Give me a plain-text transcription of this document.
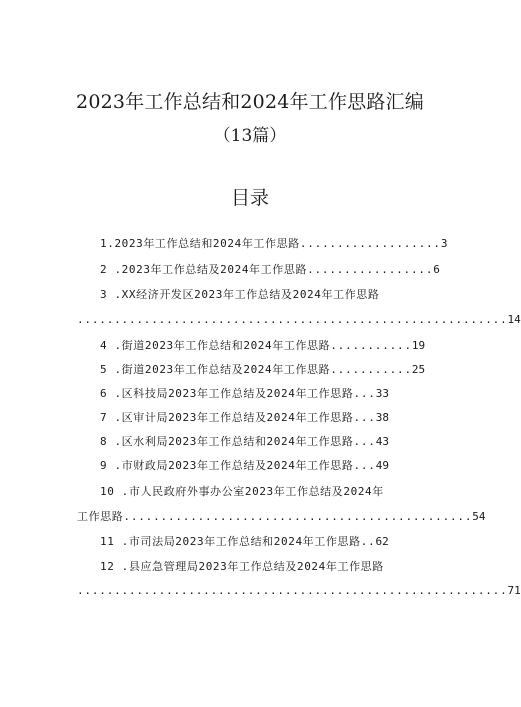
2023年工作总结和2024年工作思路汇编
（13篇）
目录
1.2023年工作总结和2024年工作思路 ................... 3
2 .2023年工作总结及2024年工作思路 ................. 6
3 .XX经济开发区2023年工作总结及2024年工作思路
.......................................................... 14
4 .街道2023年工作总结和2024年工作思路 ........... 19
5 .街道2023年工作总结及2024年工作思路 ........... 25
6 .区科技局2023年工作总结及2024年工作思路 ... 33
7 .区审计局2023年工作总结及2024年工作思路 ... 38
8 .区水利局2023年工作总结和2024年工作思路 ... 43
9 .市财政局2023年工作总结及2024年工作思路 ... 49
10 .市人民政府外事办公室2023年工作总结及2024年
工作思路 ............................................... 54
11 .市司法局2023年工作总结和2024年工作思路 .. 62
12 .县应急管理局2023年工作总结及2024年工作思路
.......................................................... 71
